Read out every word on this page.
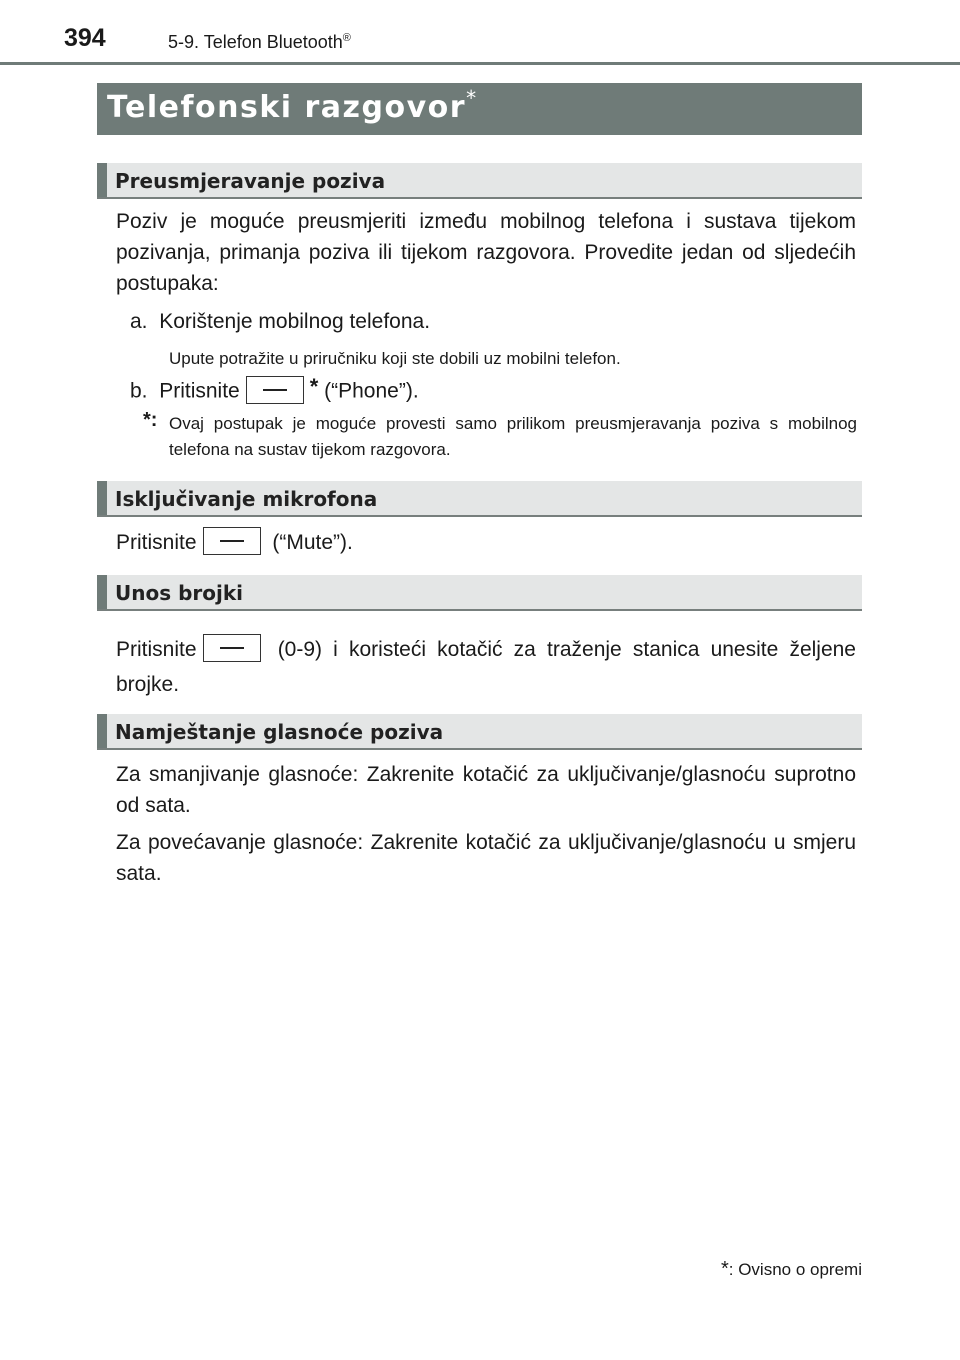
394	5-9. Telefon Bluetooth®
Telefonski razgovor*
Preusmjeravanje poziva
Poziv je moguće preusmjeriti između mobilnog telefona i sustava tijekom pozivanja, primanja poziva ili tijekom razgovora. Provedite jedan od sljedećih postupaka:
a. Korištenje mobilnog telefona.
Upute potražite u priručniku koji ste dobili uz mobilni telefon.
b. Pritisnite	* (“Phone”).
*: Ovaj postupak je moguće provesti samo prilikom preusmjeravanja poziva s mobilnog telefona na sustav tijekom razgovora.
Isključivanje mikrofona
Pritisnite	(“Mute”).
Unos brojki
Pritisnite	(0-9) i koristeći kotačić za traženje stanica unesite željene brojke.
Namještanje glasnoće poziva
Za smanjivanje glasnoće: Zakrenite kotačić za uključivanje/glasnoću suprotno od sata.
Za povećavanje glasnoće: Zakrenite kotačić za uključivanje/glasnoću u smjeru sata.
*: Ovisno o opremi
